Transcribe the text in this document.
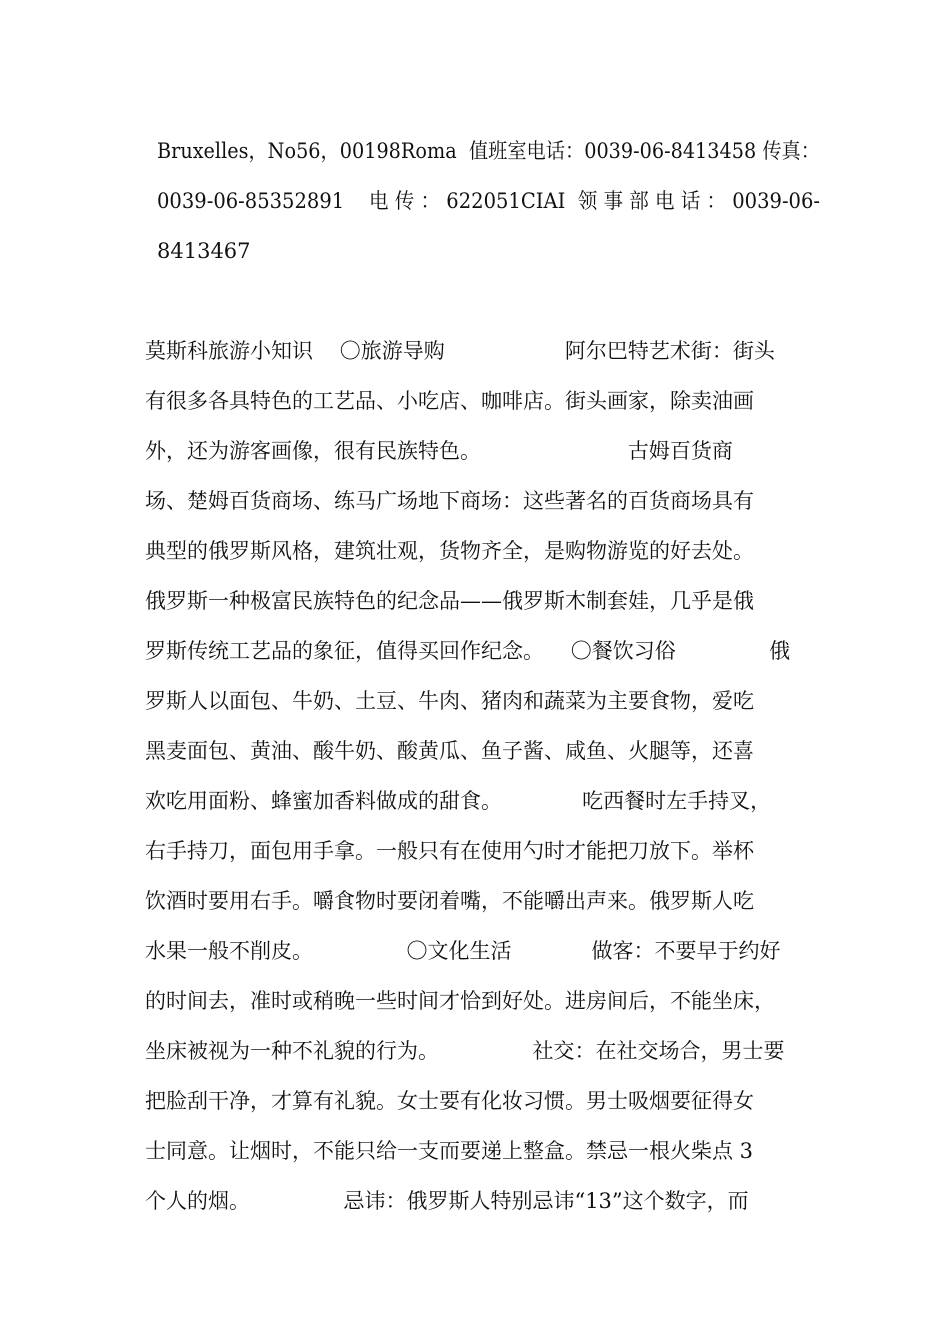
Bruxelles，No56，00198Roma  值班室电话：0039-06-8413458 传真：
0039-06-85352891    电 传 ： 622051CIAI  领 事 部 电 话 ： 0039-06-
8413467
莫斯科旅游小知识    〇旅游导购                  阿尔巴特艺术街：街头
有很多各具特色的工艺品、小吃店、咖啡店。街头画家，除卖油画
外，还为游客画像，很有民族特色。                      古姆百货商
场、楚姆百货商场、练马广场地下商场：这些著名的百货商场具有
典型的俄罗斯风格，建筑壮观，货物齐全，是购物游览的好去处。
俄罗斯一种极富民族特色的纪念品——俄罗斯木制套娃，几乎是俄
罗斯传统工艺品的象征，值得买回作纪念。    〇餐饮习俗              俄
罗斯人以面包、牛奶、土豆、牛肉、猪肉和蔬菜为主要食物，爱吃
黑麦面包、黄油、酸牛奶、酸黄瓜、鱼子酱、咸鱼、火腿等，还喜
欢吃用面粉、蜂蜜加香料做成的甜食。            吃西餐时左手持叉，
右手持刀，面包用手拿。一般只有在使用勺时才能把刀放下。举杯
饮酒时要用右手。嚼食物时要闭着嘴，不能嚼出声来。俄罗斯人吃
水果一般不削皮。              〇文化生活            做客：不要早于约好
的时间去，准时或稍晚一些时间才恰到好处。进房间后，不能坐床，
坐床被视为一种不礼貌的行为。              社交：在社交场合，男士要
把脸刮干净，才算有礼貌。女士要有化妆习惯。男士吸烟要征得女
士同意。让烟时，不能只给一支而要递上整盒。禁忌一根火柴点 3
个人的烟。              忌讳：俄罗斯人特别忌讳“13”这个数字，而
